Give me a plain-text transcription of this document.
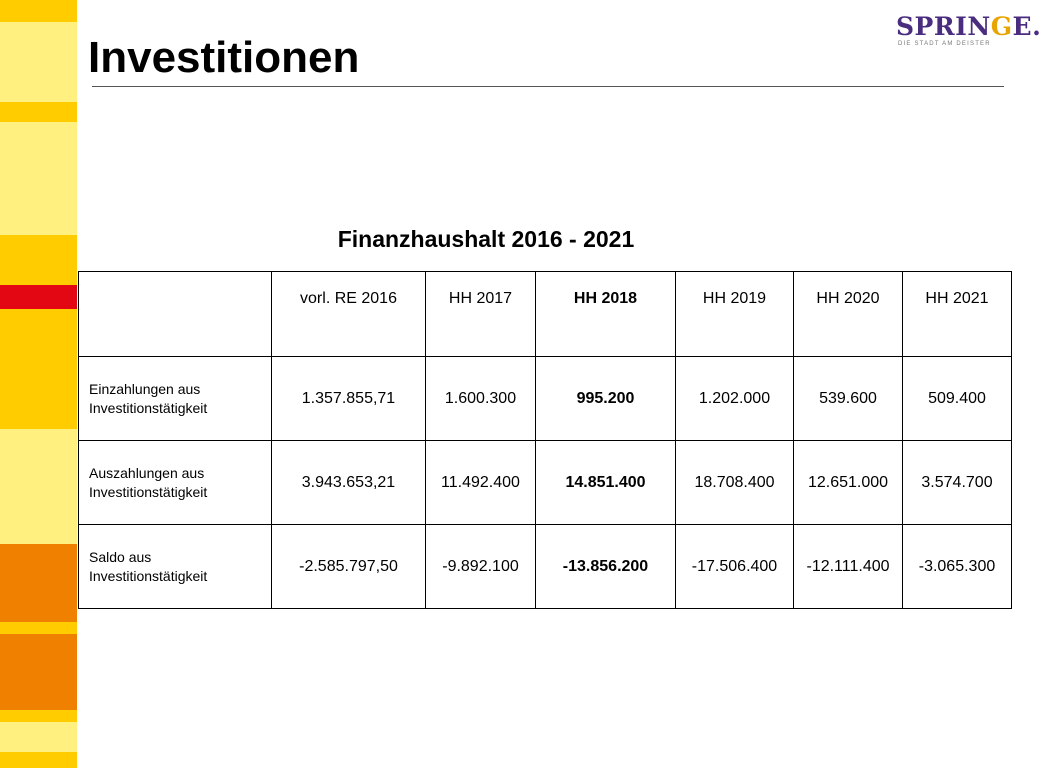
Investitionen
SPRINGE.
DIE STADT AM DEISTER
Finanzhaushalt 2016 - 2021
	vorl. RE 2016	HH 2017	HH 2018	HH 2019	HH 2020	HH 2021
Einzahlungen aus
Investitionstätigkeit	1.357.855,71	1.600.300	995.200	1.202.000	539.600	509.400
Auszahlungen aus
Investitionstätigkeit	3.943.653,21	11.492.400	14.851.400	18.708.400	12.651.000	3.574.700
Saldo aus
Investitionstätigkeit	-2.585.797,50	-9.892.100	-13.856.200	-17.506.400	-12.111.400	-3.065.300
